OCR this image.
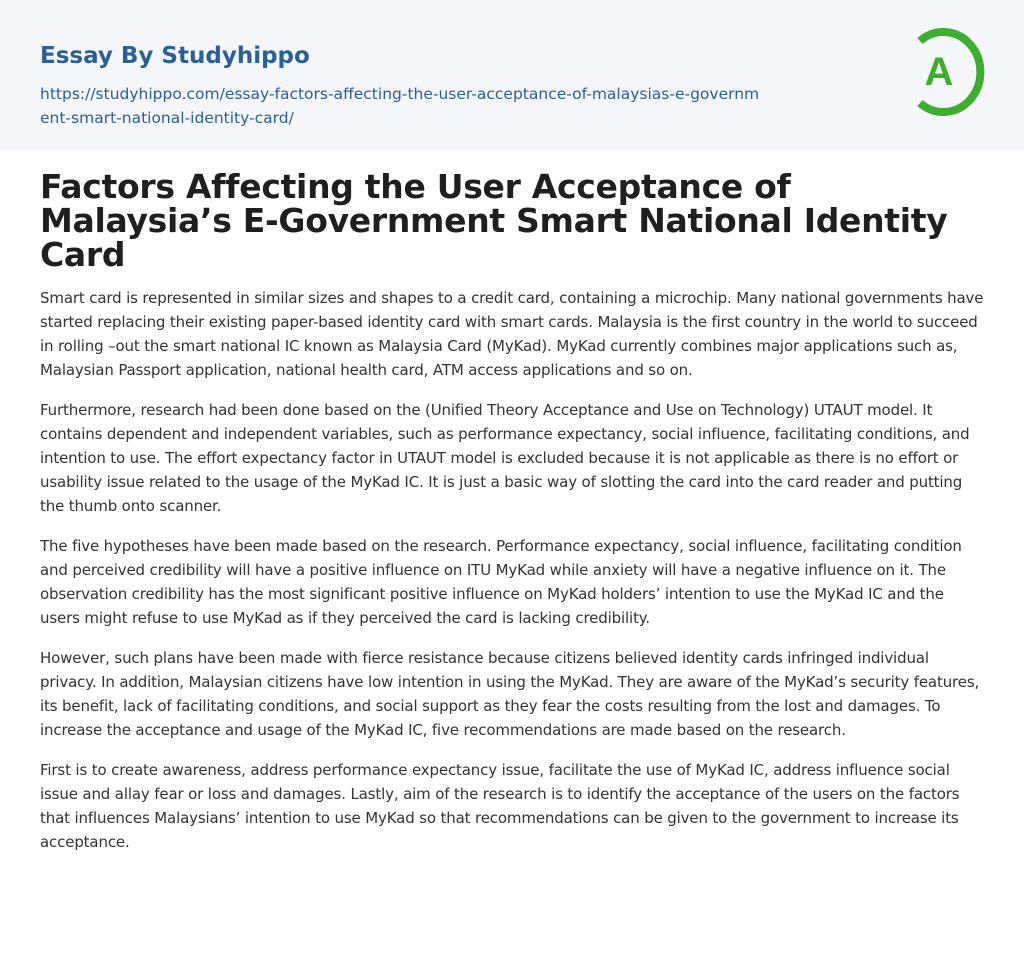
Essay By Studyhippo
https://studyhippo.com/essay-factors-affecting-the-user-acceptance-of-malaysias-e-government-smart-national-identity-card/
A
Factors Affecting the User Acceptance of Malaysia’s E-Government Smart National Identity Card

Smart card is represented in similar sizes and shapes to a credit card, containing a microchip. Many national governments have started replacing their existing paper-based identity card with smart cards. Malaysia is the first country in the world to succeed in rolling –out the smart national IC known as Malaysia Card (MyKad). MyKad currently combines major applications such as, Malaysian Passport application, national health card, ATM access applications and so on.

Furthermore, research had been done based on the (Unified Theory Acceptance and Use on Technology) UTAUT model. It contains dependent and independent variables, such as performance expectancy, social influence, facilitating conditions, and intention to use. The effort expectancy factor in UTAUT model is excluded because it is not applicable as there is no effort or usability issue related to the usage of the MyKad IC. It is just a basic way of slotting the card into the card reader and putting the thumb onto scanner.

The five hypotheses have been made based on the research. Performance expectancy, social influence, facilitating condition and perceived credibility will have a positive influence on ITU MyKad while anxiety will have a negative influence on it. The observation credibility has the most significant positive influence on MyKad holders’ intention to use the MyKad IC and the users might refuse to use MyKad as if they perceived the card is lacking credibility.

However, such plans have been made with fierce resistance because citizens believed identity cards infringed individual privacy. In addition, Malaysian citizens have low intention in using the MyKad. They are aware of the MyKad’s security features, its benefit, lack of facilitating conditions, and social support as they fear the costs resulting from the lost and damages. To increase the acceptance and usage of the MyKad IC, five recommendations are made based on the research.

First is to create awareness, address performance expectancy issue, facilitate the use of MyKad IC, address influence social issue and allay fear or loss and damages. Lastly, aim of the research is to identify the acceptance of the users on the factors that influences Malaysians’ intention to use MyKad so that recommendations can be given to the government to increase its acceptance.
